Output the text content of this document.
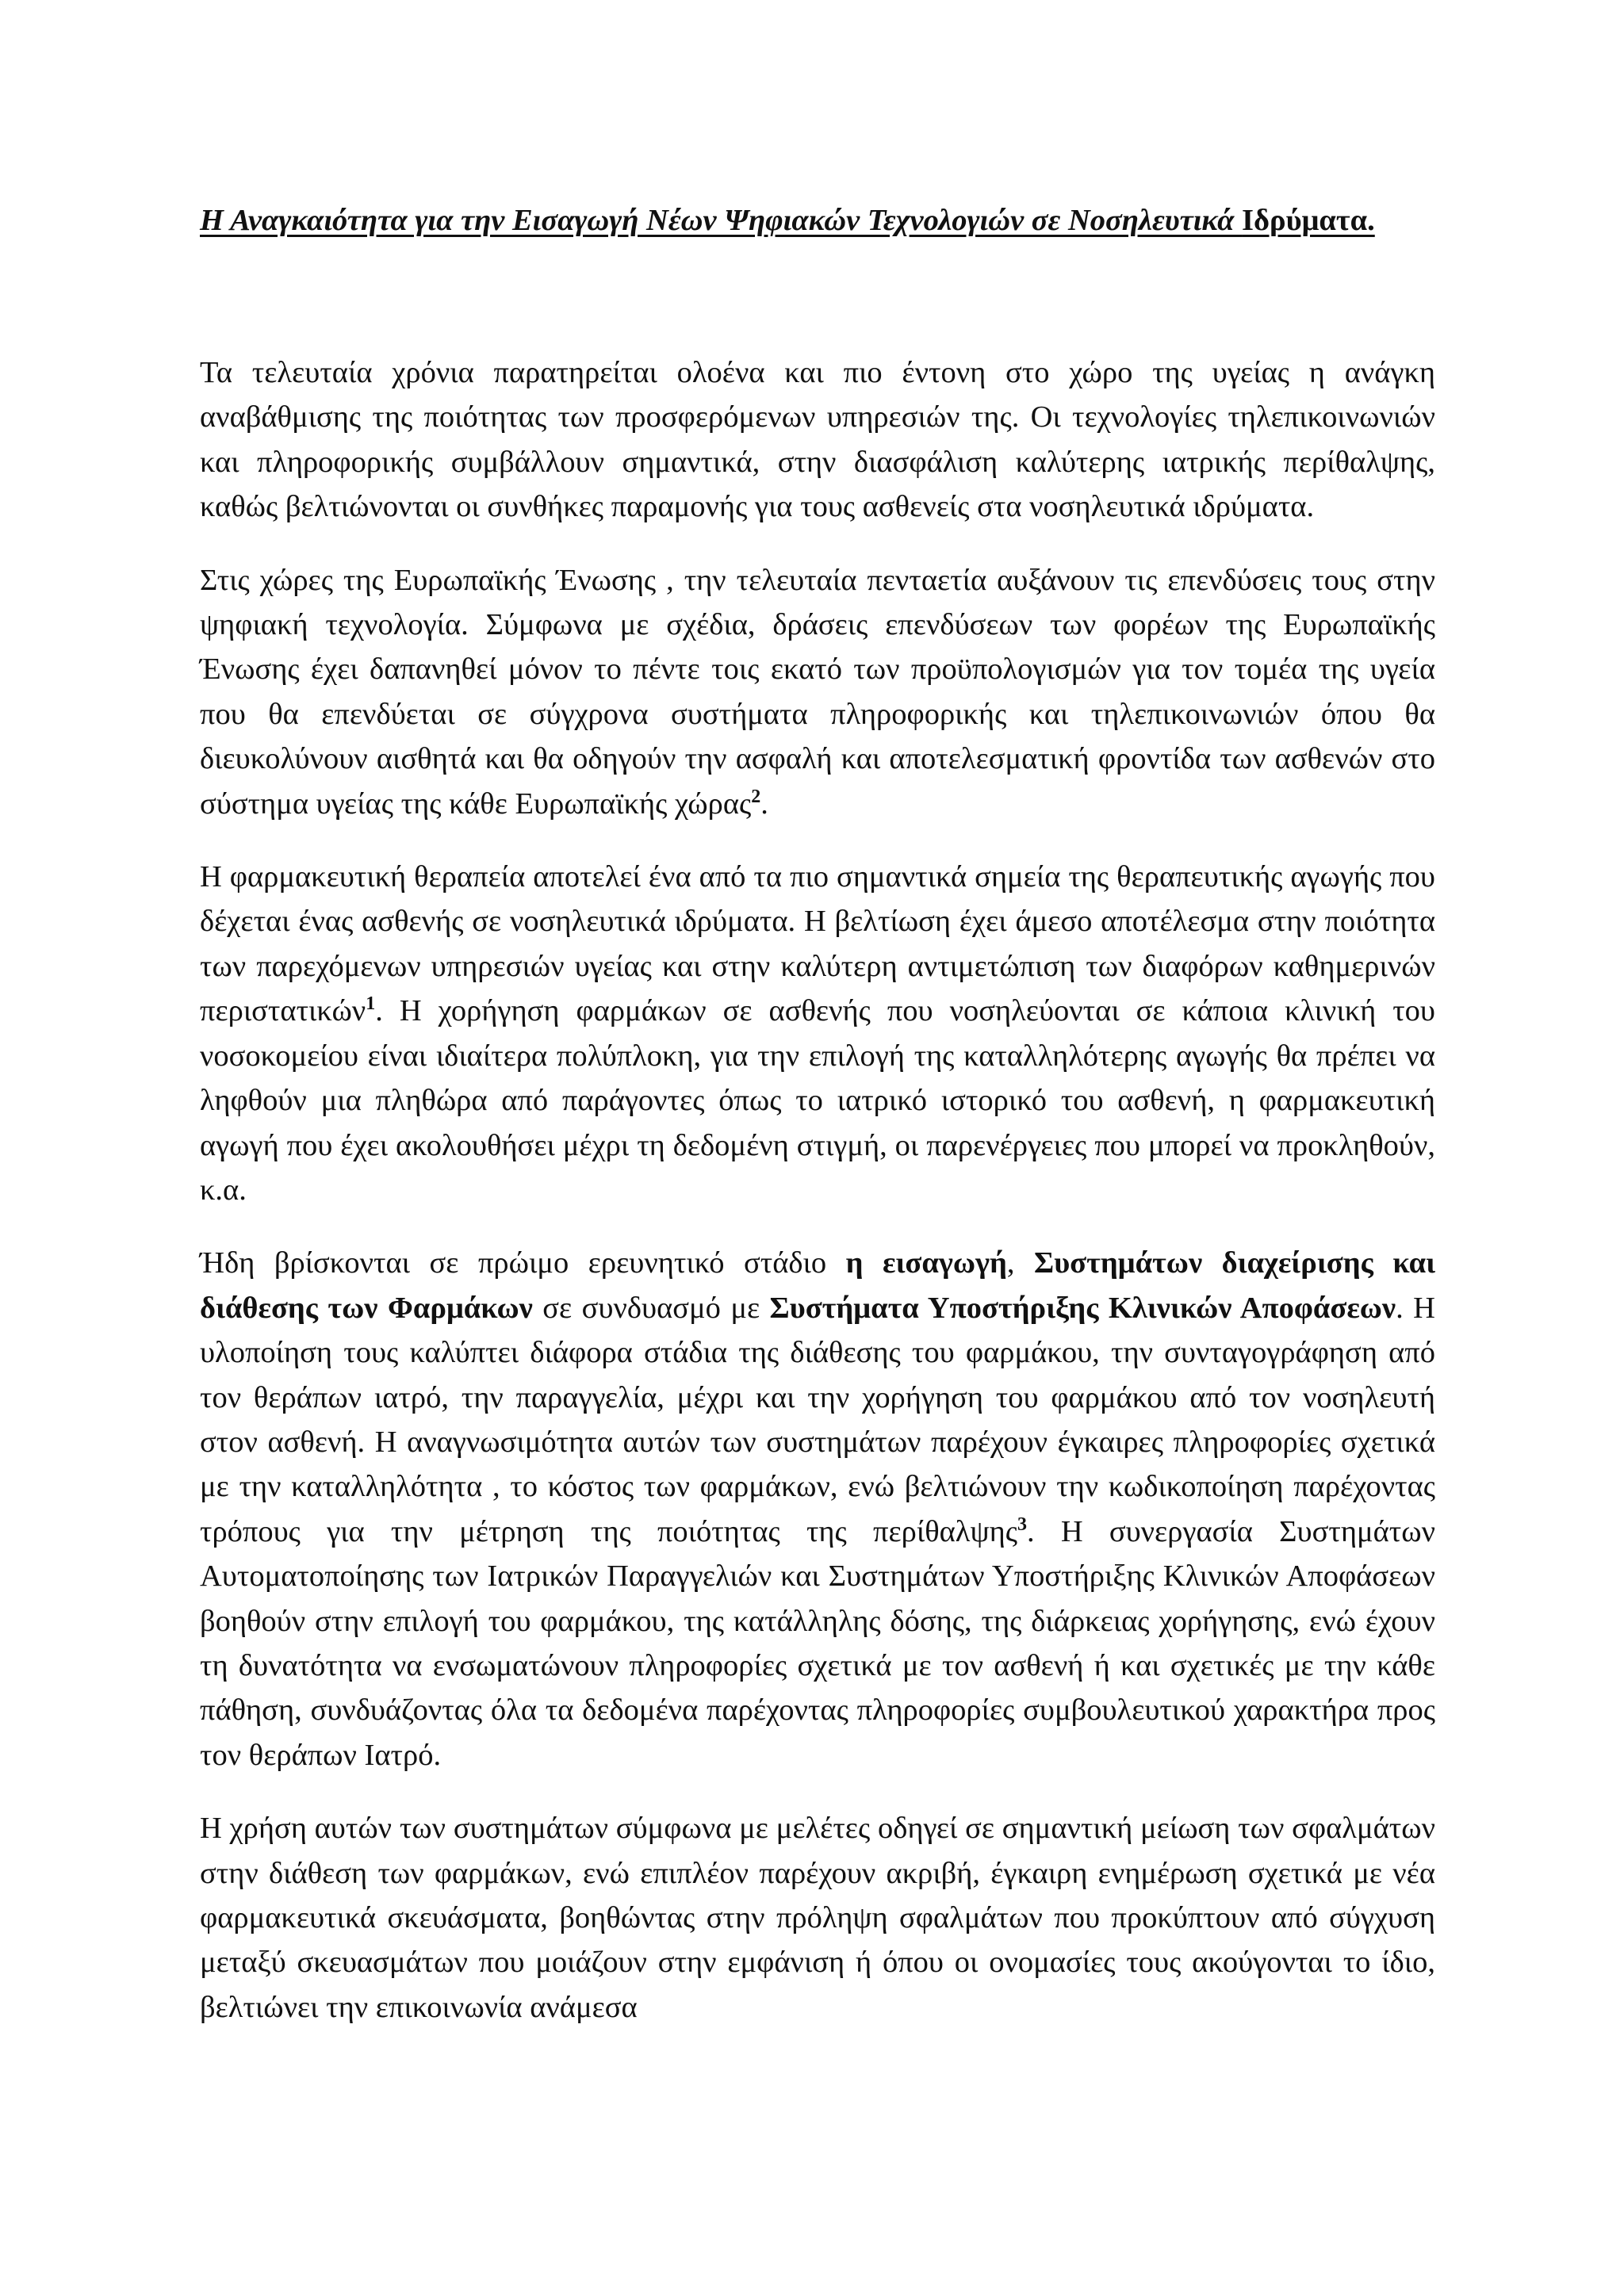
Η Αναγκαιότητα για την Εισαγωγή Νέων Ψηφιακών Τεχνολογιών σε Νοσηλευτικά Ιδρύματα.

Τα τελευταία χρόνια παρατηρείται ολοένα και πιο έντονη στο χώρο της υγείας η ανάγκη αναβάθμισης της ποιότητας των προσφερόμενων υπηρεσιών της. Οι τεχνολογίες τηλεπικοινωνιών και πληροφορικής συμβάλλουν σημαντικά, στην διασφάλιση καλύτερης ιατρικής περίθαλψης, καθώς βελτιώνονται οι συνθήκες παραμονής για τους ασθενείς στα νοσηλευτικά ιδρύματα.

Στις χώρες της Ευρωπαϊκής Ένωσης , την τελευταία πενταετία αυξάνουν τις επενδύσεις τους στην ψηφιακή τεχνολογία. Σύμφωνα με σχέδια, δράσεις επενδύσεων των φορέων της Ευρωπαϊκής Ένωσης έχει δαπανηθεί μόνον το πέντε τοις εκατό των προϋπολογισμών για τον τομέα της υγεία που θα επενδύεται σε σύγχρονα συστήματα πληροφορικής και τηλεπικοινωνιών όπου θα διευκολύνουν αισθητά και θα οδηγούν την ασφαλή και αποτελεσματική φροντίδα των ασθενών στο σύστημα υγείας της κάθε Ευρωπαϊκής χώρας$^2$.

Η φαρμακευτική θεραπεία αποτελεί ένα από τα πιο σημαντικά σημεία της θεραπευτικής αγωγής που δέχεται ένας ασθενής σε νοσηλευτικά ιδρύματα. Η βελτίωση έχει άμεσο αποτέλεσμα στην ποιότητα των παρεχόμενων υπηρεσιών υγείας και στην καλύτερη αντιμετώπιση των διαφόρων καθημερινών περιστατικών$^1$. Η χορήγηση φαρμάκων σε ασθενής που νοσηλεύονται σε κάποια κλινική του νοσοκομείου είναι ιδιαίτερα πολύπλοκη, για την επιλογή της καταλληλότερης αγωγής θα πρέπει να ληφθούν μια πληθώρα από παράγοντες όπως το ιατρικό ιστορικό του ασθενή, η φαρμακευτική αγωγή που έχει ακολουθήσει μέχρι τη δεδομένη στιγμή, οι παρενέργειες που μπορεί να προκληθούν, κ.α.

Ήδη βρίσκονται σε πρώιμο ερευνητικό στάδιο η εισαγωγή, Συστημάτων διαχείρισης και διάθεσης των Φαρμάκων σε συνδυασμό με Συστήματα Υποστήριξης Κλινικών Αποφάσεων. Η υλοποίηση τους καλύπτει διάφορα στάδια της διάθεσης του φαρμάκου, την συνταγογράφηση από τον θεράπων ιατρό, την παραγγελία, μέχρι και την χορήγηση του φαρμάκου από τον νοσηλευτή στον ασθενή. Η αναγνωσιμότητα αυτών των συστημάτων παρέχουν έγκαιρες πληροφορίες σχετικά με την καταλληλότητα , το κόστος των φαρμάκων, ενώ βελτιώνουν την κωδικοποίηση παρέχοντας τρόπους για την μέτρηση της ποιότητας της περίθαλψης$^3$. Η συνεργασία Συστημάτων Αυτοματοποίησης των Ιατρικών Παραγγελιών και Συστημάτων Υποστήριξης Κλινικών Αποφάσεων βοηθούν στην επιλογή του φαρμάκου, της κατάλληλης δόσης, της διάρκειας χορήγησης, ενώ έχουν τη δυνατότητα να ενσωματώνουν πληροφορίες σχετικά με τον ασθενή ή και σχετικές με την κάθε πάθηση, συνδυάζοντας όλα τα δεδομένα παρέχοντας πληροφορίες συμβουλευτικού χαρακτήρα προς τον θεράπων Ιατρό.

Η χρήση αυτών των συστημάτων σύμφωνα με μελέτες οδηγεί σε σημαντική μείωση των σφαλμάτων στην διάθεση των φαρμάκων, ενώ επιπλέον παρέχουν ακριβή, έγκαιρη ενημέρωση σχετικά με νέα φαρμακευτικά σκευάσματα, βοηθώντας στην πρόληψη σφαλμάτων που προκύπτουν από σύγχυση μεταξύ σκευασμάτων που μοιάζουν στην εμφάνιση ή όπου οι ονομασίες τους ακούγονται το ίδιο, βελτιώνει την επικοινωνία ανάμεσα
